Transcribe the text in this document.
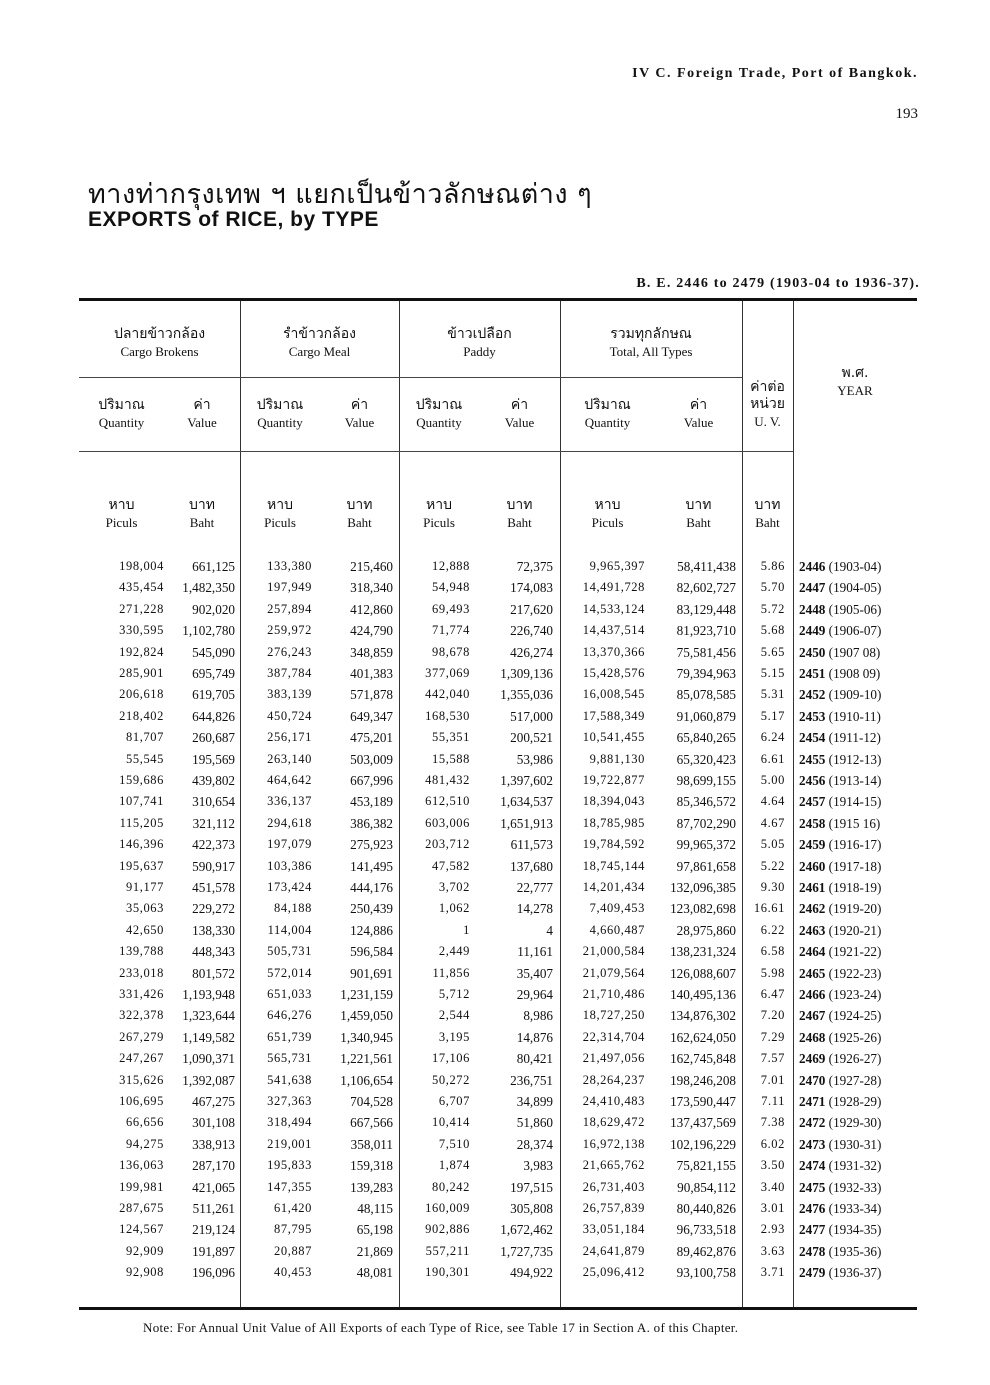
IV C. Foreign Trade, Port of Bangkok.
193
ทางท่ากรุงเทพ ฯ แยกเป็นข้าวลักษณต่าง ๆ
EXPORTS of RICE, by TYPE
B. E. 2446 to 2479 (1903-04 to 1936-37).
ปลายข้าวกล้อง
Cargo Brokens
รำข้าวกล้อง
Cargo Meal
ข้าวเปลือก
Paddy
รวมทุกลักษณ
Total, All Types
พ.ศ.
YEAR
ค่าต่อ
หน่วย
U. V.
ปริมาณ
Quantity
ค่า
Value
ปริมาณ
Quantity
ค่า
Value
ปริมาณ
Quantity
ค่า
Value
ปริมาณ
Quantity
ค่า
Value
หาบ
Piculs
บาท
Baht
หาบ
Piculs
บาท
Baht
หาบ
Piculs
บาท
Baht
หาบ
Piculs
บาท
Baht
บาท
Baht
198,004 661,125	133,380	215,460	12,888	72,375	9,965,397 58,411,438 5.86 2446 (1903-04)
435,454 1,482,350	197,949	318,340	54,948	174,083 14,491,728 82,602,727 5.70 2447 (1904-05)
271,228 902,020	257,894	412,860	69,493	217,620 14,533,124 83,129,448 5.72 2448 (1905-06)
330,595 1,102,780	259,972	424,790	71,774	226,740 14,437,514 81,923,710 5.68 2449 (1906-07)
192,824 545,090	276,243	348,859	98,678	426,274 13,370,366 75,581,456 5.65 2450 (1907 08)
285,901 695,749	387,784	401,383	377,069 1,309,136 15,428,576 79,394,963 5.15 2451 (1908 09)
206,618 619,705	383,139	571,878	442,040 1,355,036 16,008,545 85,078,585 5.31 2452 (1909-10)
218,402 644,826	450,724	649,347	168,530	517,000 17,588,349 91,060,879 5.17 2453 (1910-11)
81,707 260,687	256,171	475,201	55,351	200,521 10,541,455 65,840,265 6.24 2454 (1911-12)
55,545 195,569	263,140	503,009	15,588	53,986	9,881,130 65,320,423 6.61 2455 (1912-13)
159,686 439,802	464,642	667,996	481,432 1,397,602 19,722,877 98,699,155 5.00 2456 (1913-14)
107,741 310,654	336,137	453,189	612,510 1,634,537 18,394,043 85,346,572 4.64 2457 (1914-15)
115,205 321,112	294,618	386,382	603,006 1,651,913 18,785,985 87,702,290 4.67 2458 (1915 16)
146,396 422,373	197,079	275,923	203,712	611,573 19,784,592 99,965,372 5.05 2459 (1916-17)
195,637 590,917	103,386	141,495	47,582	137,680 18,745,144 97,861,658 5.22 2460 (1917-18)
91,177 451,578	173,424	444,176	3,702	22,777 14,201,434 132,096,385 9.30 2461 (1918-19)
35,063 229,272	84,188	250,439	1,062	14,278	7,409,453 123,082,698 16.61 2462 (1919-20)
42,650 138,330	114,004	124,886	1	4	4,660,487 28,975,860 6.22 2463 (1920-21)
139,788 448,343	505,731	596,584	2,449	11,161 21,000,584 138,231,324 6.58 2464 (1921-22)
233,018 801,572	572,014	901,691	11,856	35,407 21,079,564 126,088,607 5.98 2465 (1922-23)
331,426 1,193,948	651,033 1,231,159	5,712	29,964 21,710,486 140,495,136 6.47 2466 (1923-24)
322,378 1,323,644	646,276 1,459,050	2,544	8,986 18,727,250 134,876,302 7.20 2467 (1924-25)
267,279 1,149,582	651,739 1,340,945	3,195	14,876 22,314,704 162,624,050 7.29 2468 (1925-26)
247,267 1,090,371	565,731 1,221,561	17,106	80,421 21,497,056 162,745,848 7.57 2469 (1926-27)
315,626 1,392,087	541,638 1,106,654	50,272	236,751 28,264,237 198,246,208 7.01 2470 (1927-28)
106,695 467,275	327,363	704,528	6,707	34,899 24,410,483 173,590,447 7.11 2471 (1928-29)
66,656 301,108	318,494	667,566	10,414	51,860 18,629,472 137,437,569 7.38 2472 (1929-30)
94,275 338,913	219,001	358,011	7,510	28,374 16,972,138 102,196,229 6.02 2473 (1930-31)
136,063 287,170	195,833	159,318	1,874	3,983 21,665,762 75,821,155 3.50 2474 (1931-32)
199,981 421,065	147,355	139,283	80,242	197,515 26,731,403 90,854,112 3.40 2475 (1932-33)
287,675 511,261	61,420	48,115	160,009	305,808 26,757,839 80,440,826 3.01 2476 (1933-34)
124,567 219,124	87,795	65,198	902,886 1,672,462 33,051,184 96,733,518 2.93 2477 (1934-35)
92,909 191,897	20,887	21,869	557,211 1,727,735 24,641,879 89,462,876 3.63 2478 (1935-36)
92,908 196,096	40,453	48,081	190,301	494,922 25,096,412 93,100,758 3.71 2479 (1936-37)
Note: For Annual Unit Value of All Exports of each Type of Rice, see Table 17 in Section A. of this Chapter.
